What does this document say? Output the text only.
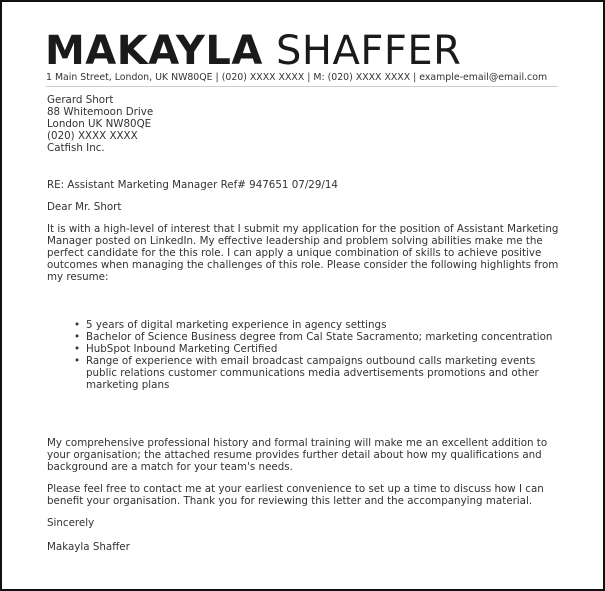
MAKAYLA SHAFFER
1 Main Street, London, UK NW80QE | (020) XXXX XXXX | M: (020) XXXX XXXX | example-email@email.com
Gerard Short
88 Whitemoon Drive
London UK NW80QE
(020) XXXX XXXX
Catfish Inc.
RE: Assistant Marketing Manager Ref# 947651 07/29/14
Dear Mr. Short
It is with a high-level of interest that I submit my application for the position of Assistant Marketing Manager posted on LinkedIn. My effective leadership and problem solving abilities make me the perfect candidate for the this role. I can apply a unique combination of skills to achieve positive outcomes when managing the challenges of this role. Please consider the following highlights from my resume:
• 5 years of digital marketing experience in agency settings
• Bachelor of Science Business degree from Cal State Sacramento; marketing concentration
• HubSpot Inbound Marketing Certified
• Range of experience with email broadcast campaigns outbound calls marketing events public relations customer communications media advertisements promotions and other marketing plans
My comprehensive professional history and formal training will make me an excellent addition to your organisation; the attached resume provides further detail about how my qualifications and background are a match for your team's needs.
Please feel free to contact me at your earliest convenience to set up a time to discuss how I can benefit your organisation. Thank you for reviewing this letter and the accompanying material.
Sincerely
Makayla Shaffer
